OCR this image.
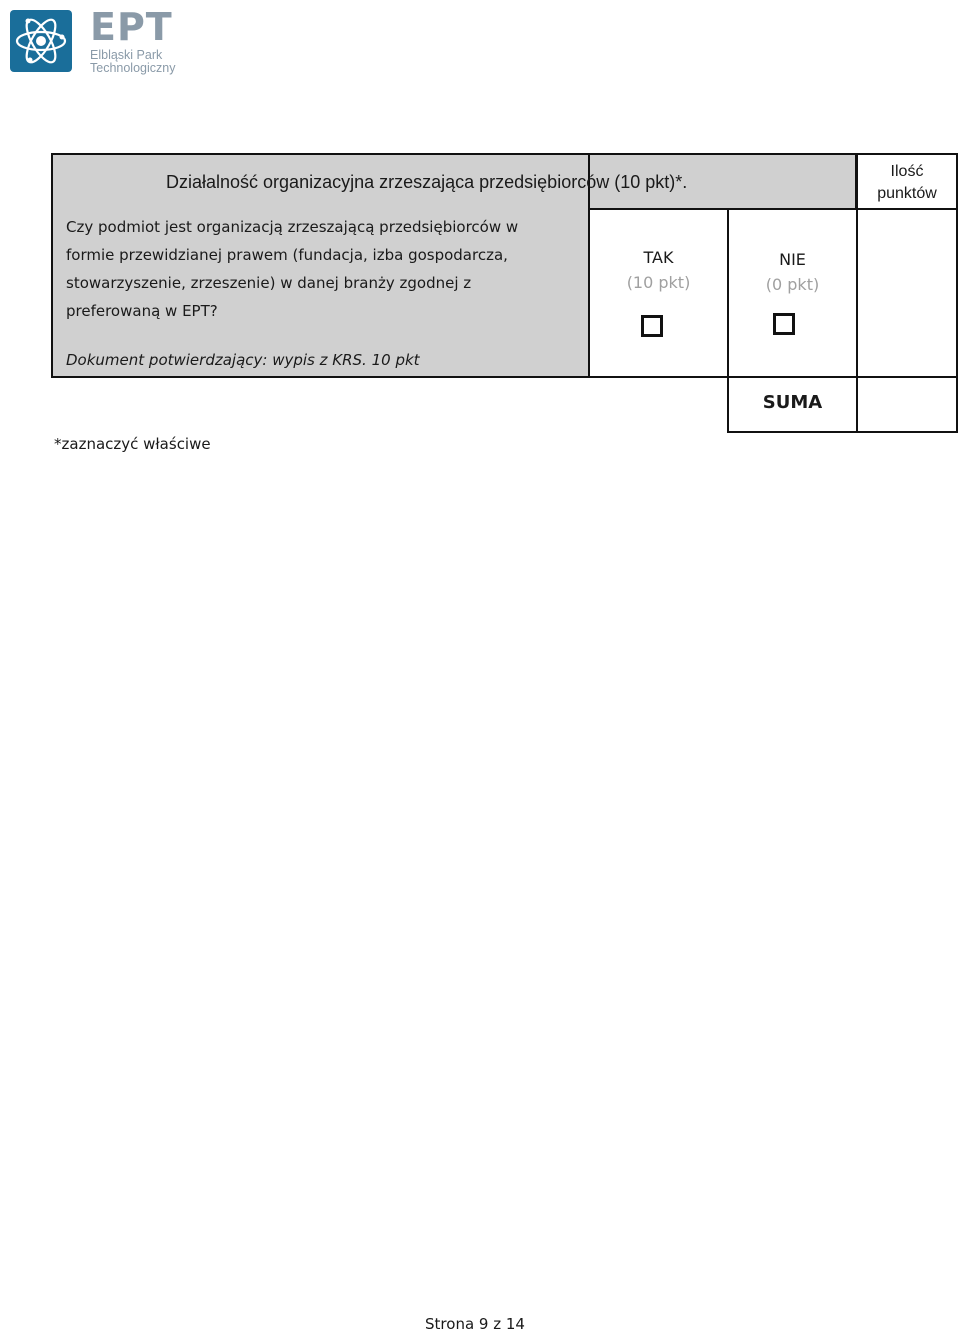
EPT
Elbląski Park
Technologiczny
Działalność organizacyjna zrzeszająca przedsiębiorców (10 pkt)*.
Czy podmiot jest organizacją zrzeszającą przedsiębiorców w
formie przewidzianej prawem (fundacja, izba gospodarcza,
stowarzyszenie, zrzeszenie) w danej branży zgodnej z
preferowaną w EPT?
Dokument potwierdzający: wypis z KRS. 10 pkt
Ilość
punktów
TAK
(10 pkt)
NIE
(0 pkt)
SUMA
*zaznaczyć właściwe
Strona 9 z 14
